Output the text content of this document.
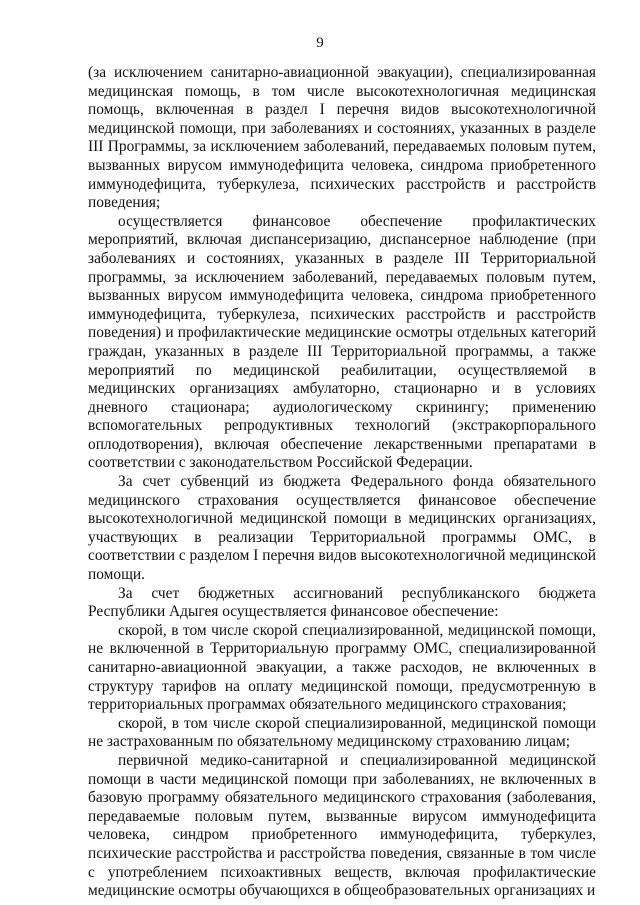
9

(за исключением санитарно-авиационной эвакуации), специализированная медицинская помощь, в том числе высокотехнологичная медицинская помощь, включенная в раздел I перечня видов высокотехнологичной медицинской помощи, при заболеваниях и состояниях, указанных в разделе III Программы, за исключением заболеваний, передаваемых половым путем, вызванных вирусом иммунодефицита человека, синдрома приобретенного иммунодефицита, туберкулеза, психических расстройств и расстройств поведения;

осуществляется финансовое обеспечение профилактических мероприятий, включая диспансеризацию, диспансерное наблюдение (при заболеваниях и состояниях, указанных в разделе III Территориальной программы, за исключением заболеваний, передаваемых половым путем, вызванных вирусом иммунодефицита человека, синдрома приобретенного иммунодефицита, туберкулеза, психических расстройств и расстройств поведения) и профилактические медицинские осмотры отдельных категорий граждан, указанных в разделе III Территориальной программы, а также мероприятий по медицинской реабилитации, осуществляемой в медицинских организациях амбулаторно, стационарно и в условиях дневного стационара; аудиологическому скринингу; применению вспомогательных репродуктивных технологий (экстракорпорального оплодотворения), включая обеспечение лекарственными препаратами в соответствии с законодательством Российской Федерации.

За счет субвенций из бюджета Федерального фонда обязательного медицинского страхования осуществляется финансовое обеспечение высокотехнологичной медицинской помощи в медицинских организациях, участвующих в реализации Территориальной программы ОМС, в соответствии с разделом I перечня видов высокотехнологичной медицинской помощи.

За счет бюджетных ассигнований республиканского бюджета Республики Адыгея осуществляется финансовое обеспечение:

скорой, в том числе скорой специализированной, медицинской помощи, не включенной в Территориальную программу ОМС, специализированной санитарно-авиационной эвакуации, а также расходов, не включенных в структуру тарифов на оплату медицинской помощи, предусмотренную в территориальных программах обязательного медицинского страхования;

скорой, в том числе скорой специализированной, медицинской помощи не застрахованным по обязательному медицинскому страхованию лицам;

первичной медико-санитарной и специализированной медицинской помощи в части медицинской помощи при заболеваниях, не включенных в базовую программу обязательного медицинского страхования (заболевания, передаваемые половым путем, вызванные вирусом иммунодефицита человека, синдром приобретенного иммунодефицита, туберкулез, психические расстройства и расстройства поведения, связанные в том числе с употреблением психоактивных веществ, включая профилактические медицинские осмотры обучающихся в общеобразовательных организациях и
